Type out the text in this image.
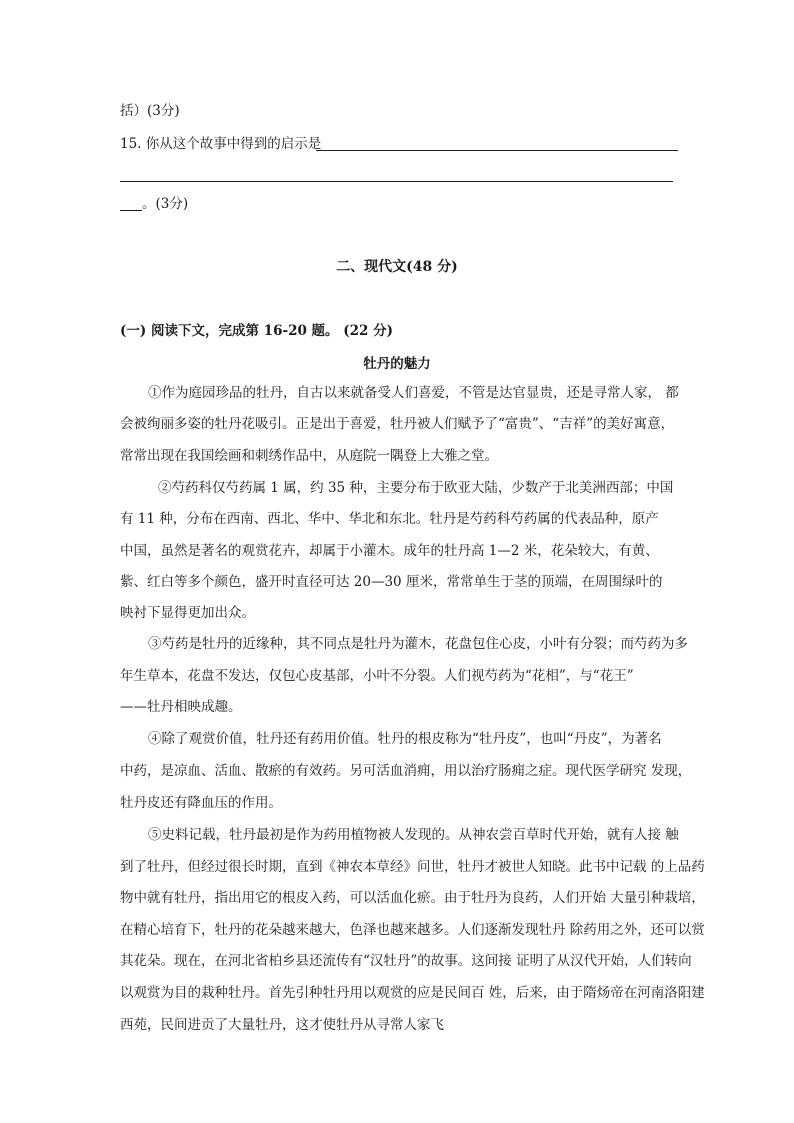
括）(3分)
15. 你从这个故事中得到的启示是
。(3分)
二、现代文(48 分)
(一) 阅读下文，完成第 16-20 题。 (22 分)
牡丹的魅力
①作为庭园珍品的牡丹，自古以来就备受人们喜爱，不管是达官显贵，还是寻常人家， 都
会被绚丽多姿的牡丹花吸引。正是出于喜爱，牡丹被人们赋予了“富贵”、“吉祥”的美好寓意，
常常出现在我国绘画和刺绣作品中，从庭院一隅登上大雅之堂。
②芍药科仅芍药属 1 属，约 35 种，主要分布于欧亚大陆，少数产于北美洲西部；中国
有 11 种，分布在西南、西北、华中、华北和东北。牡丹是芍药科芍药属的代表品种，原产
中国，虽然是著名的观赏花卉，却属于小灌木。成年的牡丹高 1—2 米，花朵较大，有黄、
紫、红白等多个颜色，盛开时直径可达 20—30 厘米，常常单生于茎的顶端，在周围绿叶的
映衬下显得更加出众。
③芍药是牡丹的近缘种，其不同点是牡丹为灌木，花盘包住心皮，小叶有分裂；而芍药为多
年生草本，花盘不发达，仅包心皮基部，小叶不分裂。人们视芍药为“花相”，与“花王”
——牡丹相映成趣。
④除了观赏价值，牡丹还有药用价值。牡丹的根皮称为“牡丹皮”，也叫“丹皮”，为著名
中药，是凉血、活血、散瘀的有效药。另可活血消痈，用以治疗肠痈之症。现代医学研究 发现，
牡丹皮还有降血压的作用。
⑤史料记载，牡丹最初是作为药用植物被人发现的。从神农尝百草时代开始，就有人接 触
到了牡丹，但经过很长时期，直到《神农本草经》问世，牡丹才被世人知晓。此书中记载 的上品药
物中就有牡丹，指出用它的根皮入药，可以活血化瘀。由于牡丹为良药，人们开始 大量引种栽培，
在精心培育下，牡丹的花朵越来越大，色泽也越来越多。人们逐渐发现牡丹 除药用之外，还可以赏
其花朵。现在，在河北省柏乡县还流传有“汉牡丹”的故事。这间接 证明了从汉代开始，人们转向
以观赏为目的栽种牡丹。首先引种牡丹用以观赏的应是民间百 姓，后来，由于隋炀帝在河南洛阳建
西苑，民间进贡了大量牡丹，这才使牡丹从寻常人家飞
